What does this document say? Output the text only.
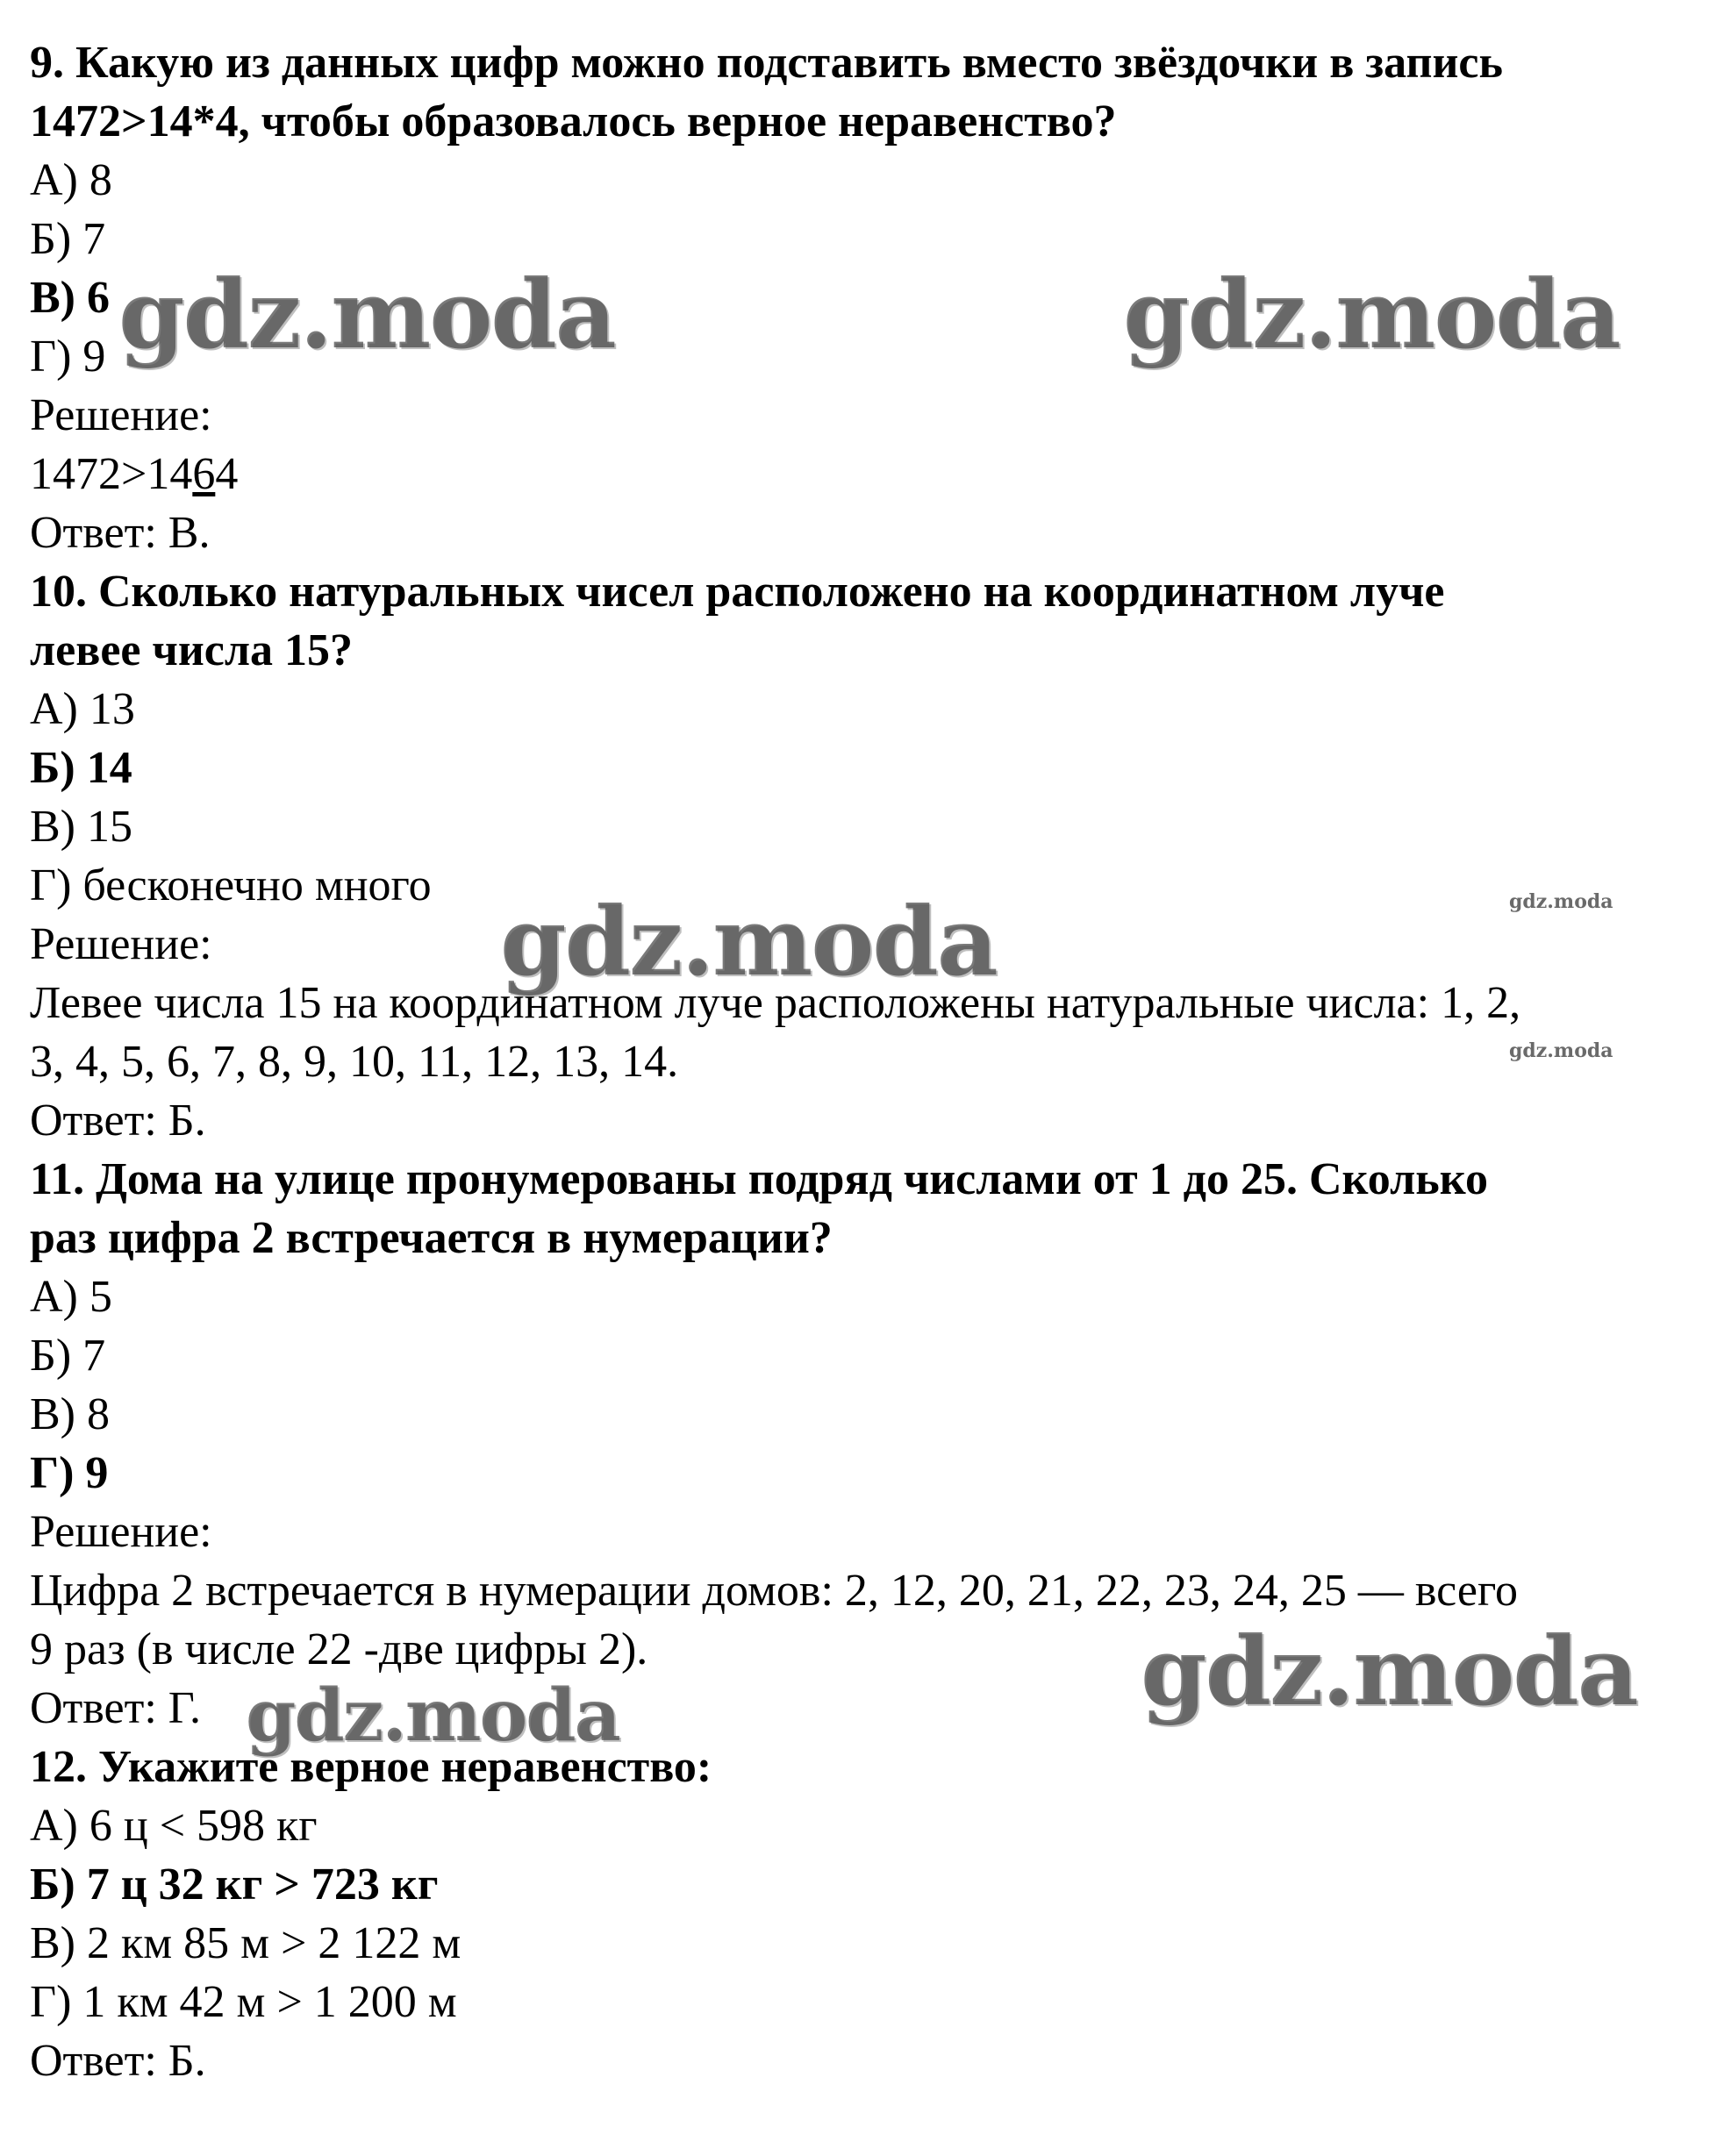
9. Какую из данных цифр можно подставить вместо звёздочки в запись

1472>14*4, чтобы образовалось верное неравенство?

А) 8

Б) 7

В) 6

Г) 9

Решение:

1472>1464

Ответ: В.

10. Сколько натуральных чисел расположено на координатном луче

левее числа 15?

А) 13

Б) 14

В) 15

Г) бесконечно много

Решение:

Левее числа 15 на координатном луче расположены натуральные числа: 1, 2,

3, 4, 5, 6, 7, 8, 9, 10, 11, 12, 13, 14.

Ответ: Б.

11. Дома на улице пронумерованы подряд числами от 1 до 25. Сколько

раз цифра 2 встречается в нумерации?

А) 5

Б) 7

В) 8

Г) 9

Решение:

Цифра 2 встречается в нумерации домов: 2, 12, 20, 21, 22, 23, 24, 25 — всего

9 раз (в числе 22 -две цифры 2).

Ответ: Г.

12. Укажите верное неравенство:

А) 6 ц < 598 кг

Б) 7 ц 32 кг > 723 кг

В) 2 км 85 м > 2 122 м

Г) 1 км 42 м > 1 200 м

Ответ: Б.

gdz.moda	gdz.moda
gdz.moda	gdz.moda
gdz.moda
gdz.moda
gdz.moda
